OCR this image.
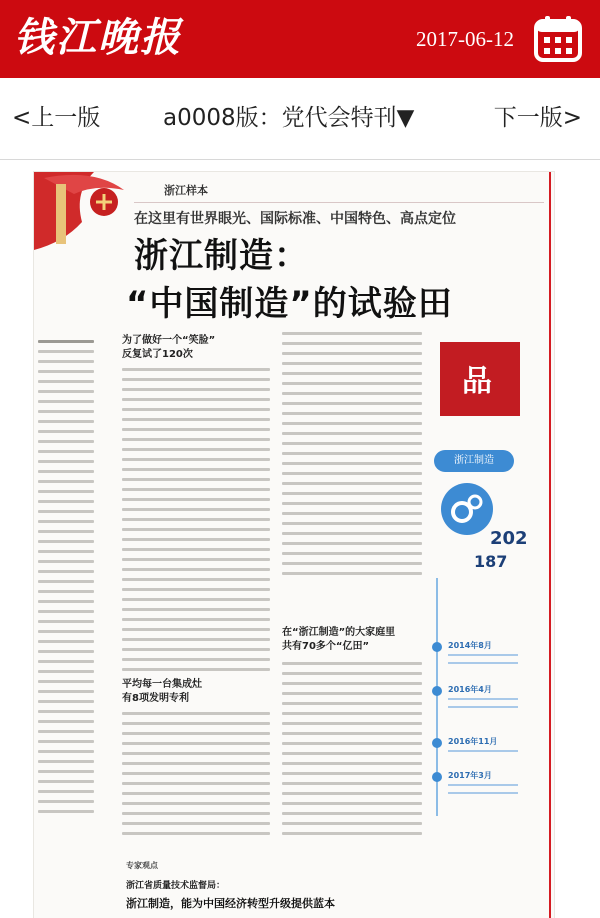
钱江晚报	2017-06-12
<上一版	a0008版：党代会特刊▼	下一版>
浙江样本
在这里有世界眼光、国际标准、中国特色、高点定位
浙江制造：
“中国制造”的试验田
为了做好一个“笑脸”
反复试了120次
平均每一台集成灶
有8项发明专利
在“浙江制造”的大家庭里
共有70多个“亿田”
品
浙江制造
202
187
2014年8月
2016年4月
2016年11月
2017年3月
专家观点
浙江省质量技术监督局：
浙江制造，能为中国经济转型升级提供蓝本
